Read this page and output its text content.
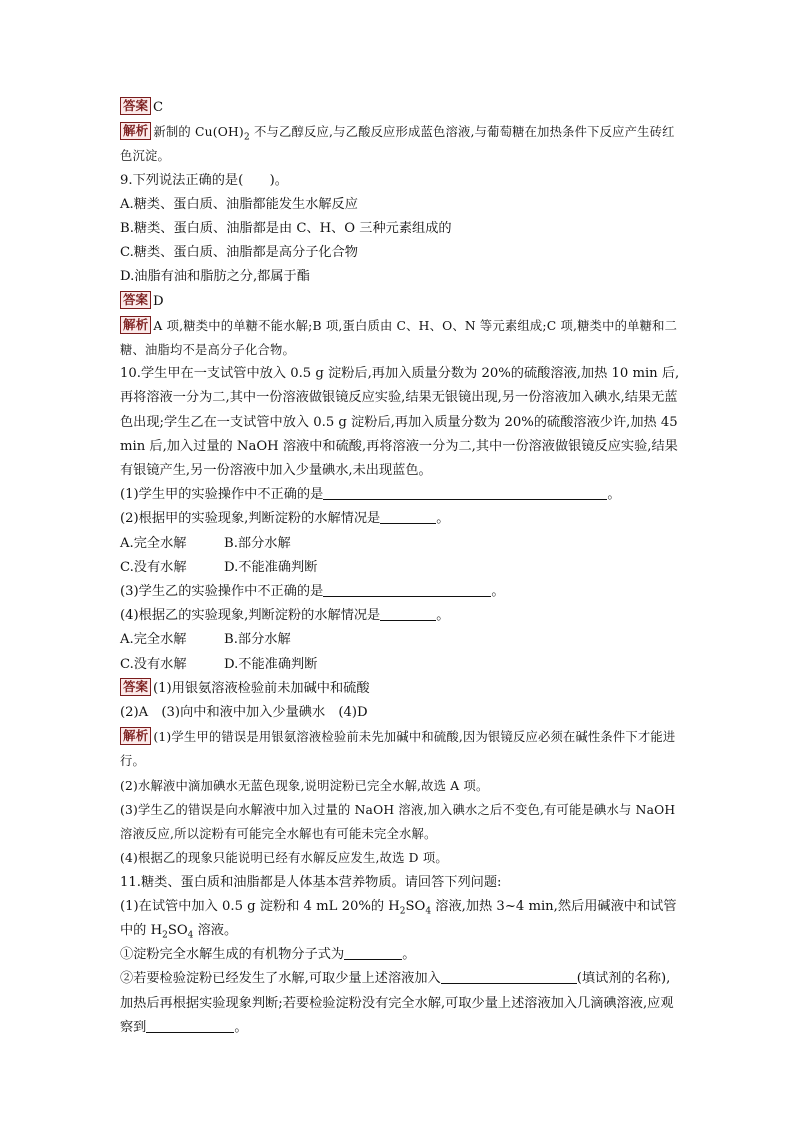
答案 C

解析 新制的 $Cu(OH)_2$ 不与乙醇反应,与乙酸反应形成蓝色溶液,与葡萄糖在加热条件下反应产生砖红色沉淀。

9.下列说法正确的是(　　)。

A.糖类、蛋白质、油脂都能发生水解反应

B.糖类、蛋白质、油脂都是由 C、H、O 三种元素组成的

C.糖类、蛋白质、油脂都是高分子化合物

D.油脂有油和脂肪之分,都属于酯

答案 D

解析 A 项,糖类中的单糖不能水解;B 项,蛋白质由 C、H、O、N 等元素组成;C 项,糖类中的单糖和二糖、油脂均不是高分子化合物。

10.学生甲在一支试管中放入 0.5 g 淀粉后,再加入质量分数为 20%的硫酸溶液,加热 10 min 后,再将溶液一分为二,其中一份溶液做银镜反应实验,结果无银镜出现,另一份溶液加入碘水,结果无蓝色出现;学生乙在一支试管中放入 0.5 g 淀粉后,再加入质量分数为 20%的硫酸溶液少许,加热 45 min 后,加入过量的 NaOH 溶液中和硫酸,再将溶液一分为二,其中一份溶液做银镜反应实验,结果有银镜产生,另一份溶液中加入少量碘水,未出现蓝色。

(1)学生甲的实验操作中不正确的是	。

(2)根据甲的实验现象,判断淀粉的水解情况是	。

A.完全水解	B.部分水解
C.没有水解	D.不能准确判断

(3)学生乙的实验操作中不正确的是	。

(4)根据乙的实验现象,判断淀粉的水解情况是	。

A.完全水解	B.部分水解
C.没有水解	D.不能准确判断

答案 (1)用银氨溶液检验前未加碱中和硫酸

(2)A　(3)向中和液中加入少量碘水　(4)D

解析 (1)学生甲的错误是用银氨溶液检验前未先加碱中和硫酸,因为银镜反应必须在碱性条件下才能进行。

(2)水解液中滴加碘水无蓝色现象,说明淀粉已完全水解,故选 A 项。

(3)学生乙的错误是向水解液中加入过量的 NaOH 溶液,加入碘水之后不变色,有可能是碘水与 NaOH 溶液反应,所以淀粉有可能完全水解也有可能未完全水解。

(4)根据乙的现象只能说明已经有水解反应发生,故选 D 项。

11.糖类、蛋白质和油脂都是人体基本营养物质。请回答下列问题:

(1)在试管中加入 0.5 g 淀粉和 4 mL 20%的 $H_2SO_4$ 溶液,加热 3~4 min,然后用碱液中和试管中的 $H_2SO_4$ 溶液。

①淀粉完全水解生成的有机物分子式为	。

②若要检验淀粉已经发生了水解,可取少量上述溶液加入	(填试剂的名称),加热后再根据实验现象判断;若要检验淀粉没有完全水解,可取少量上述溶液加入几滴碘溶液,应观察到	。
